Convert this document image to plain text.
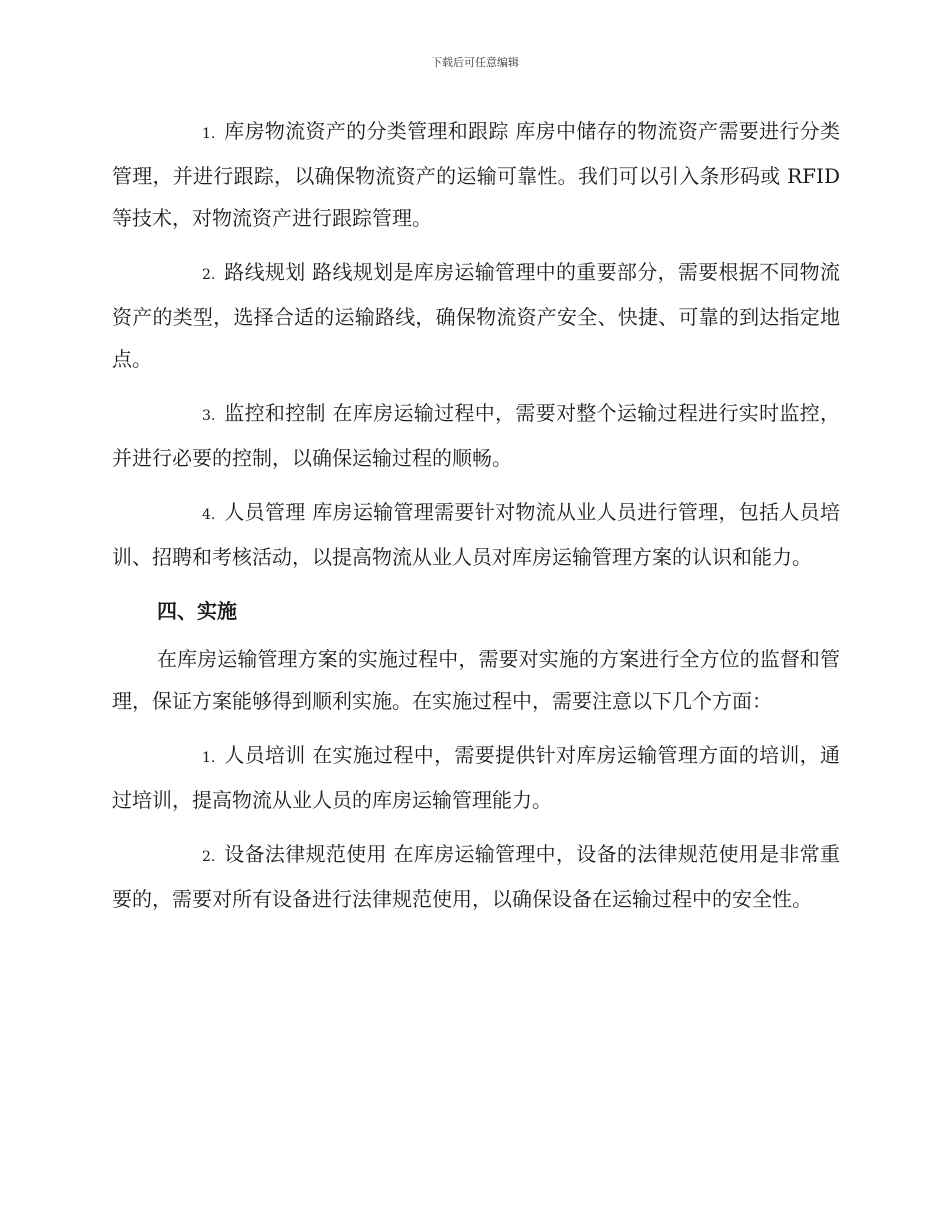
下载后可任意编辑

1. 库房物流资产的分类管理和跟踪 库房中储存的物流资产需要进行分类管理，并进行跟踪，以确保物流资产的运输可靠性。我们可以引入条形码或 RFID 等技术，对物流资产进行跟踪管理。

2. 路线规划 路线规划是库房运输管理中的重要部分，需要根据不同物流资产的类型，选择合适的运输路线，确保物流资产安全、快捷、可靠的到达指定地点。

3. 监控和控制 在库房运输过程中，需要对整个运输过程进行实时监控，并进行必要的控制，以确保运输过程的顺畅。

4. 人员管理 库房运输管理需要针对物流从业人员进行管理，包括人员培训、招聘和考核活动，以提高物流从业人员对库房运输管理方案的认识和能力。

四、实施

在库房运输管理方案的实施过程中，需要对实施的方案进行全方位的监督和管理，保证方案能够得到顺利实施。在实施过程中，需要注意以下几个方面：

1. 人员培训 在实施过程中，需要提供针对库房运输管理方面的培训，通过培训，提高物流从业人员的库房运输管理能力。

2. 设备法律规范使用 在库房运输管理中，设备的法律规范使用是非常重要的，需要对所有设备进行法律规范使用，以确保设备在运输过程中的安全性。
